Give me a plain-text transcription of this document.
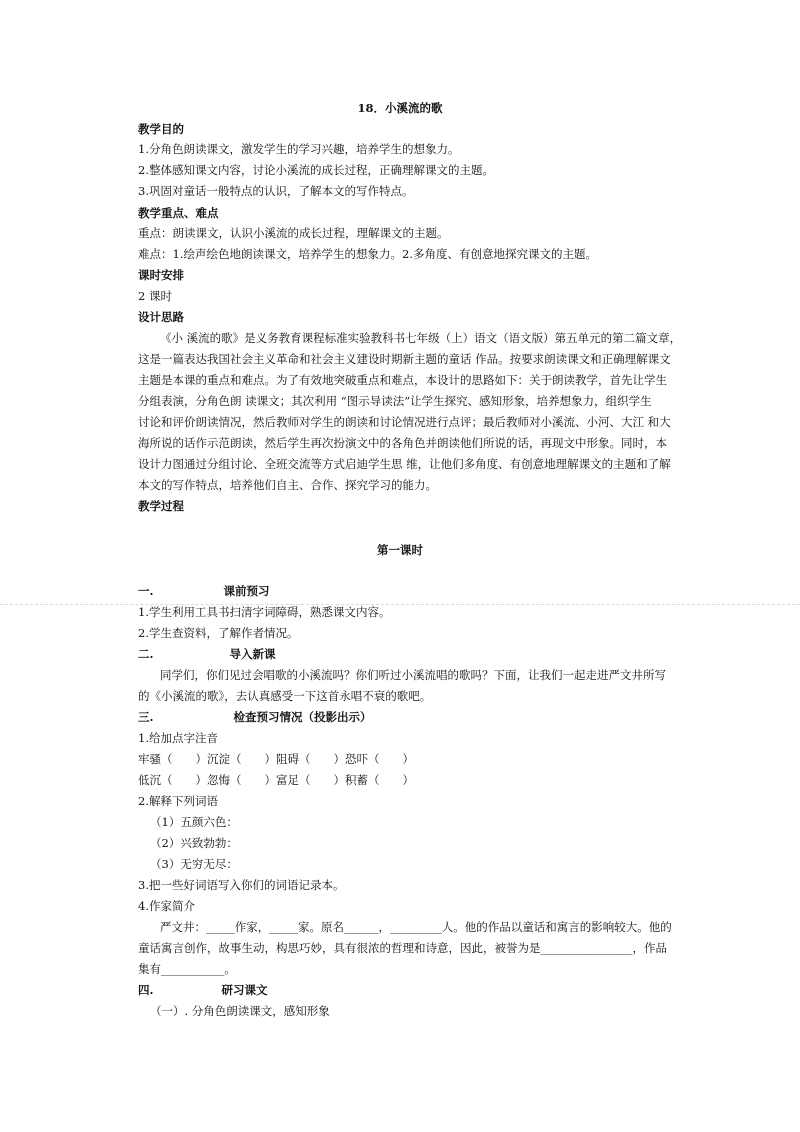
18．小溪流的歌
教学目的
1.分角色朗读课文，激发学生的学习兴趣，培养学生的想象力。
2.整体感知课文内容，讨论小溪流的成长过程，正确理解课文的主题。
3.巩固对童话一般特点的认识，了解本文的写作特点。
教学重点、难点
重点：朗读课文，认识小溪流的成长过程，理解课文的主题。
难点：1.绘声绘色地朗读课文，培养学生的想象力。2.多角度、有创意地探究课文的主题。
课时安排
2 课时
设计思路
《小 溪流的歌》是义务教育课程标准实验教科书七年级（上）语文（语文版）第五单元的第二篇文章，
这是一篇表达我国社会主义革命和社会主义建设时期新主题的童话 作品。按要求朗读课文和正确理解课文
主题是本课的重点和难点。为了有效地突破重点和难点，本设计的思路如下：关于朗读教学，首先让学生
分组表演，分角色朗 读课文；其次利用 “图示导读法”让学生探究、感知形象，培养想象力，组织学生
讨论和评价朗读情况，然后教师对学生的朗读和讨论情况进行点评；最后教师对小溪流、小河、大江 和大
海所说的话作示范朗读，然后学生再次扮演文中的各角色并朗读他们所说的话，再现文中形象。同时，本
设计力图通过分组讨论、全班交流等方式启迪学生思 维，让他们多角度、有创意地理解课文的主题和了解
本文的写作特点，培养他们自主、合作、探究学习的能力。
教学过程
第一课时
一.	课前预习
1.学生利用工具书扫清字词障碍，熟悉课文内容。
2.学生查资料，了解作者情况。
二.	导入新课
同学们，你们见过会唱歌的小溪流吗？你们听过小溪流唱的歌吗？下面，让我们一起走进严文井所写
的《小溪流的歌》，去认真感受一下这首永唱不衰的歌吧。
三.	检查预习情况（投影出示）
1.给加点字注音
牢骚（　　）沉淀（　　）阻碍（　　）恐吓（　　）
低沉（　　）忽悔（　　）富足（　　）积蓄（　　）
2.解释下列词语
（1）五颜六色：
（2）兴致勃勃：
（3）无穷无尽：
3.把一些好词语写入你们的词语记录本。
4.作家简介
严文井：_____作家，_____家。原名______，_________人。他的作品以童话和寓言的影响较大。他的
童话寓言创作，故事生动，构思巧妙，具有很浓的哲理和诗意，因此，被誉为是________________，作品
集有___________。
四.	研习课文
（一）. 分角色朗读课文，感知形象
